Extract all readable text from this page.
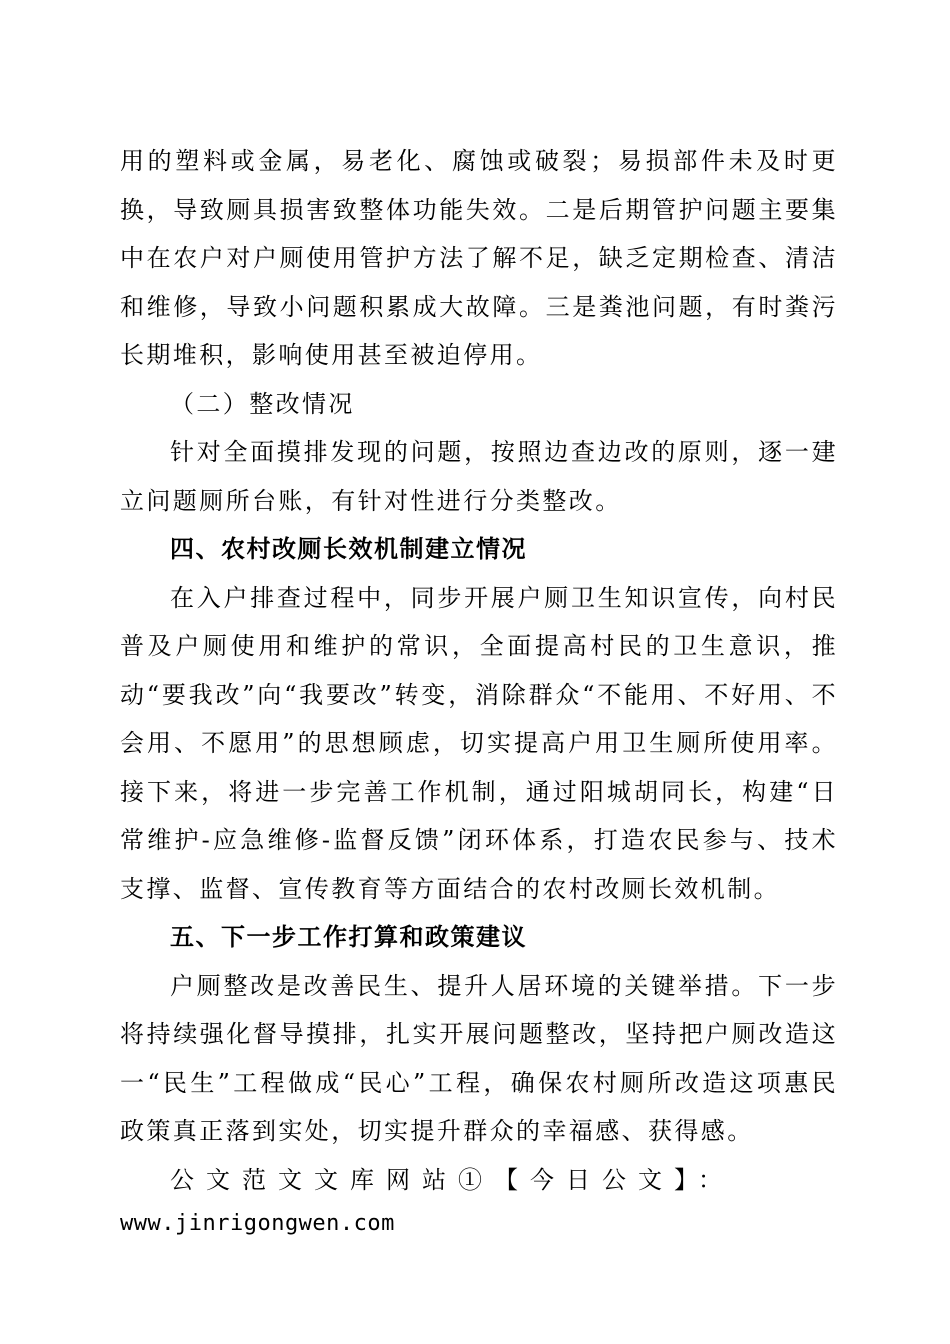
用的塑料或金属，易老化、腐蚀或破裂；易损部件未及时更换，导致厕具损害致整体功能失效。二是后期管护问题主要集中在农户对户厕使用管护方法了解不足，缺乏定期检查、清洁和维修，导致小问题积累成大故障。三是粪池问题，有时粪污长期堆积，影响使用甚至被迫停用。

（二）整改情况

针对全面摸排发现的问题，按照边查边改的原则，逐一建立问题厕所台账，有针对性进行分类整改。

四、农村改厕长效机制建立情况

在入户排查过程中，同步开展户厕卫生知识宣传，向村民普及户厕使用和维护的常识，全面提高村民的卫生意识，推动“要我改”向“我要改”转变，消除群众“不能用、不好用、不会用、不愿用”的思想顾虑，切实提高户用卫生厕所使用率。接下来，将进一步完善工作机制，通过阳城胡同长，构建“日常维护-应急维修-监督反馈”闭环体系，打造农民参与、技术支撑、监督、宣传教育等方面结合的农村改厕长效机制。

五、下一步工作打算和政策建议

户厕整改是改善民生、提升人居环境的关键举措。下一步将持续强化督导摸排，扎实开展问题整改，坚持把户厕改造这一“民生”工程做成“民心”工程，确保农村厕所改造这项惠民政策真正落到实处，切实提升群众的幸福感、获得感。

公文范文文库网站①【今日公文】：

www.jinrigongwen.com
